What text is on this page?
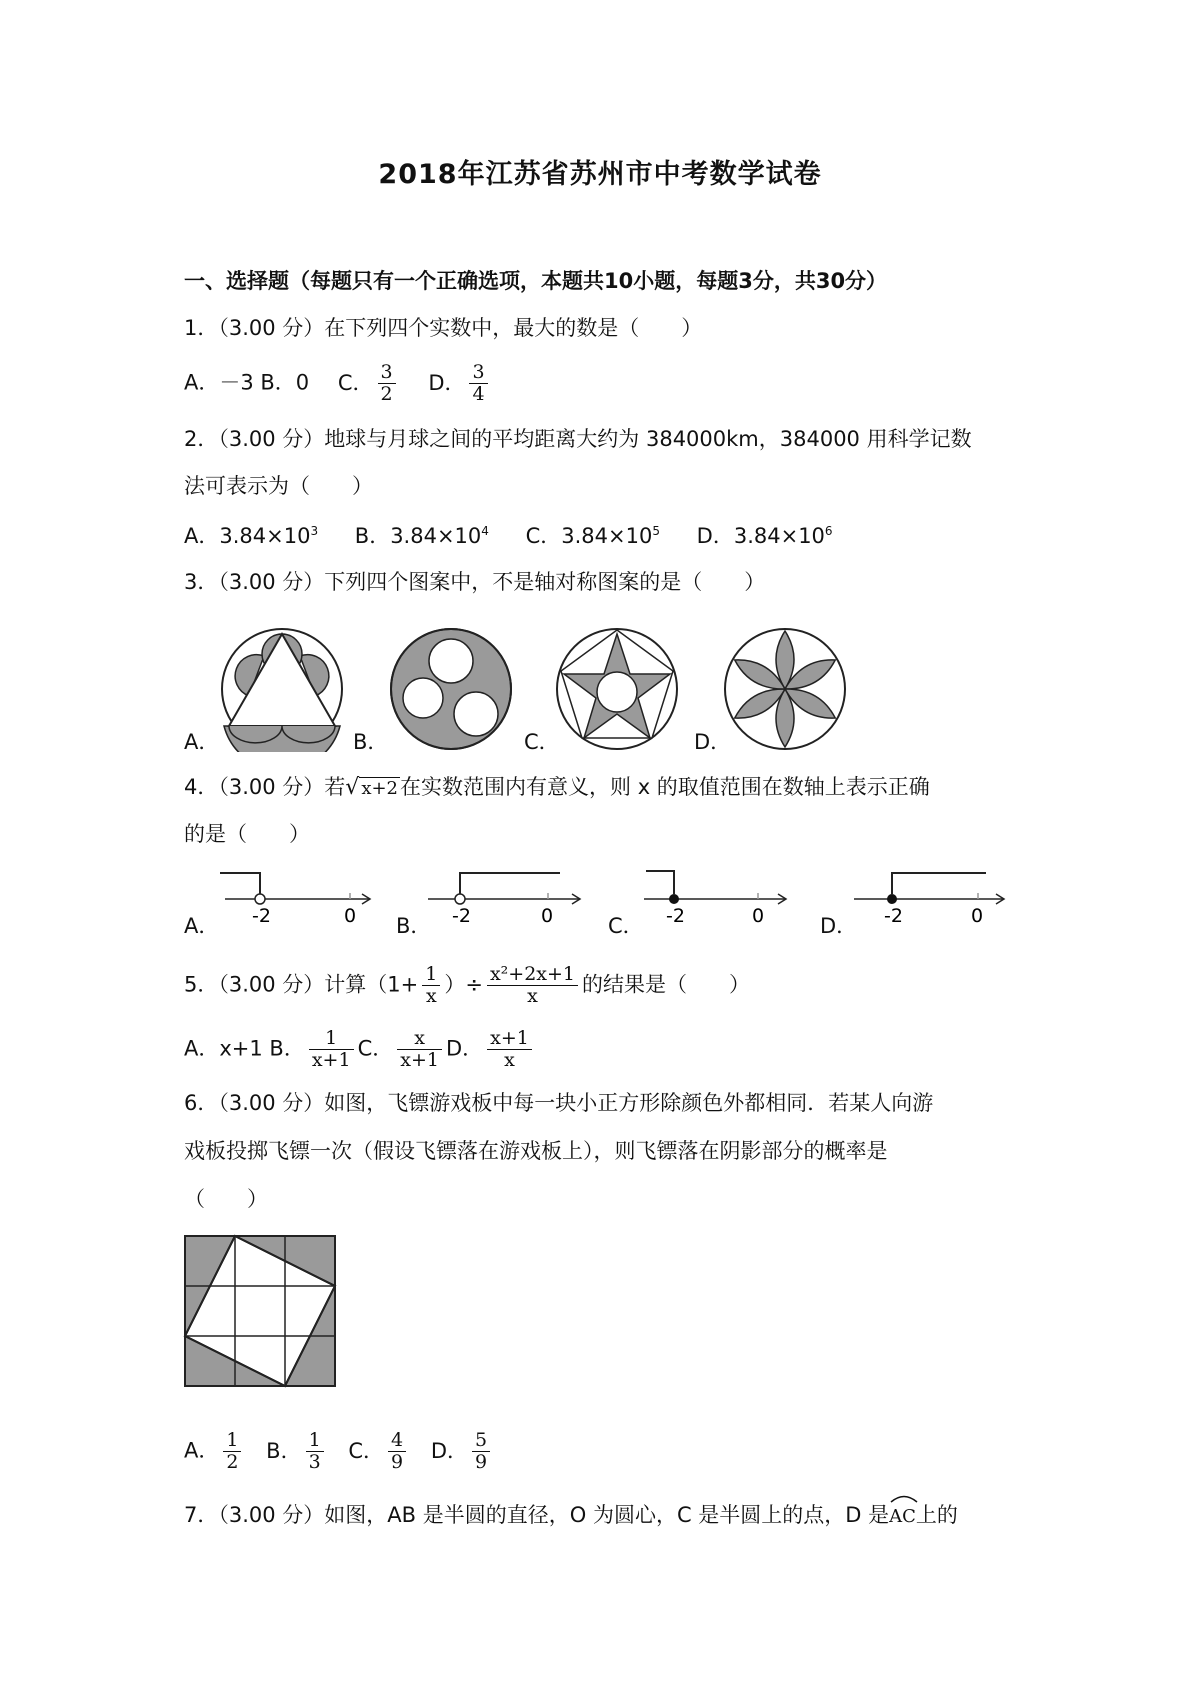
2018年江苏省苏州市中考数学试卷
一、选择题（每题只有一个正确选项，本题共10小题，每题3分，共30分）
1．（3.00 分）在下列四个实数中，最大的数是（　　）
A．－3 B．0 C． $\frac{3}{2}$ D． $\frac{3}{4}$
2．（3.00 分）地球与月球之间的平均距离大约为 384000km，384000 用科学记数
法可表示为（　　）
A．$3.84\times 10^3$ B．$3.84\times 10^4$ C．$3.84\times 10^5$ D．$3.84\times 10^6$
3．（3.00 分）下列四个图案中，不是轴对称图案的是（　　）
A．	B．	C．	D．
4．（3.00 分）若√ x+2在实数范围内有意义，则 x 的取值范围在数轴上表示正确
的是（　　）
-2	0	-2	0	-2	0	-2	0
A．	B．	C．	D．
5．（3.00 分）计算（$1+ \frac{1}{x}$ ）÷ $\frac{\text{x²+2x+1}}{x}$ 的结果是（　　）
A．x+1 B． $\frac{1}{x+1}$ C． $\frac{x}{x+1}$ D． $\frac{x+1}{x}$
6．（3.00 分）如图，飞镖游戏板中每一块小正方形除颜色外都相同．若某人向游
戏板投掷飞镖一次（假设飞镖落在游戏板上），则飞镖落在阴影部分的概率是
（　　）
A． $\frac{1}{2}$ B． $\frac{1}{3}$ C． $\frac{4}{9}$ D． $\frac{5}{9}$
7．（3.00 分）如图，AB 是半圆的直径，O 为圆心，C 是半圆上的点，D 是
AC上的
